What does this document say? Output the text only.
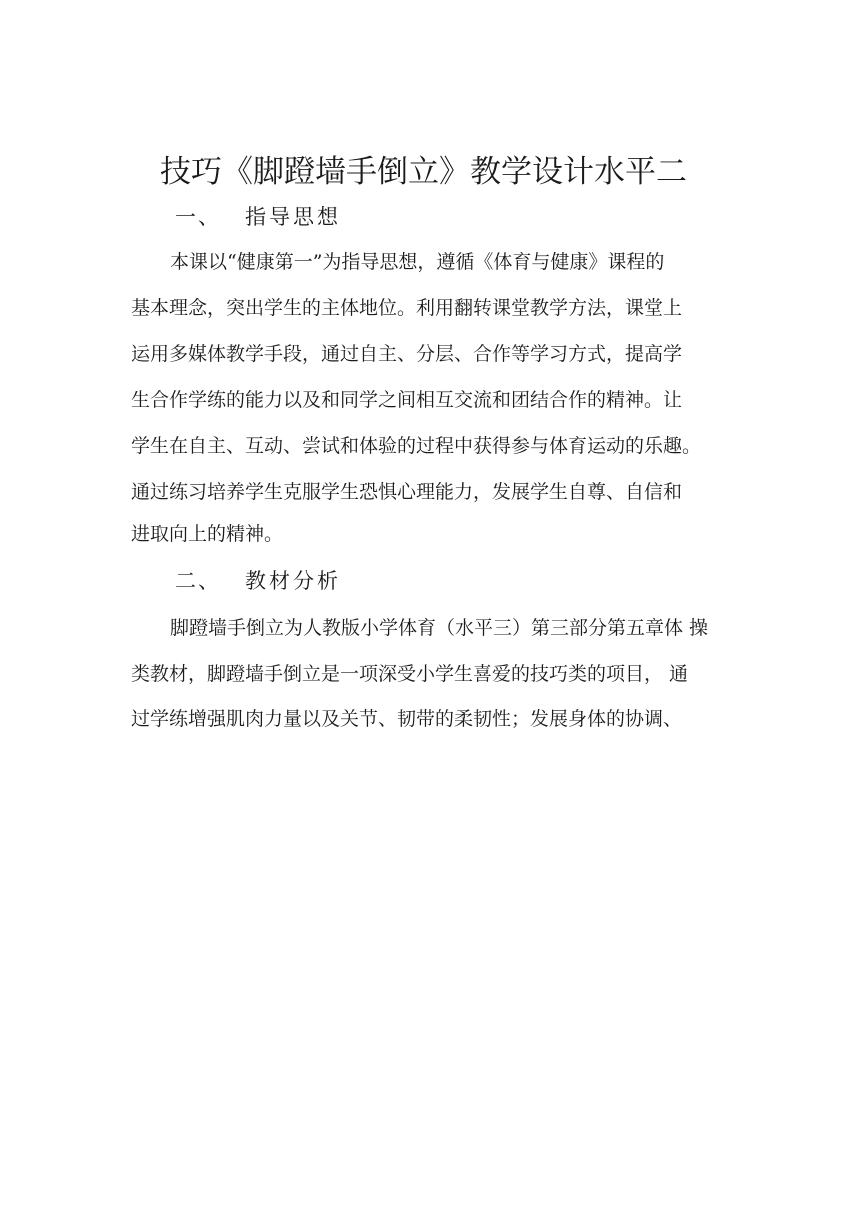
技巧《脚蹬墙手倒立》教学设计水平二
一、 指导思想

本课以“健康第一”为指导思想，遵循《体育与健康》课程的

基本理念，突出学生的主体地位。利用翻转课堂教学方法，课堂上

运用多媒体教学手段，通过自主、分层、合作等学习方式，提高学

生合作学练的能力以及和同学之间相互交流和团结合作的精神。让

学生在自主、互动、尝试和体验的过程中获得参与体育运动的乐趣。

通过练习培养学生克服学生恐惧心理能力，发展学生自尊、自信和

进取向上的精神。

二、 教材分析

脚蹬墙手倒立为人教版小学体育（水平三）第三部分第五章体 操

类教材，脚蹬墙手倒立是一项深受小学生喜爱的技巧类的项目， 通

过学练增强肌肉力量以及关节、韧带的柔韧性；发展身体的协调、
